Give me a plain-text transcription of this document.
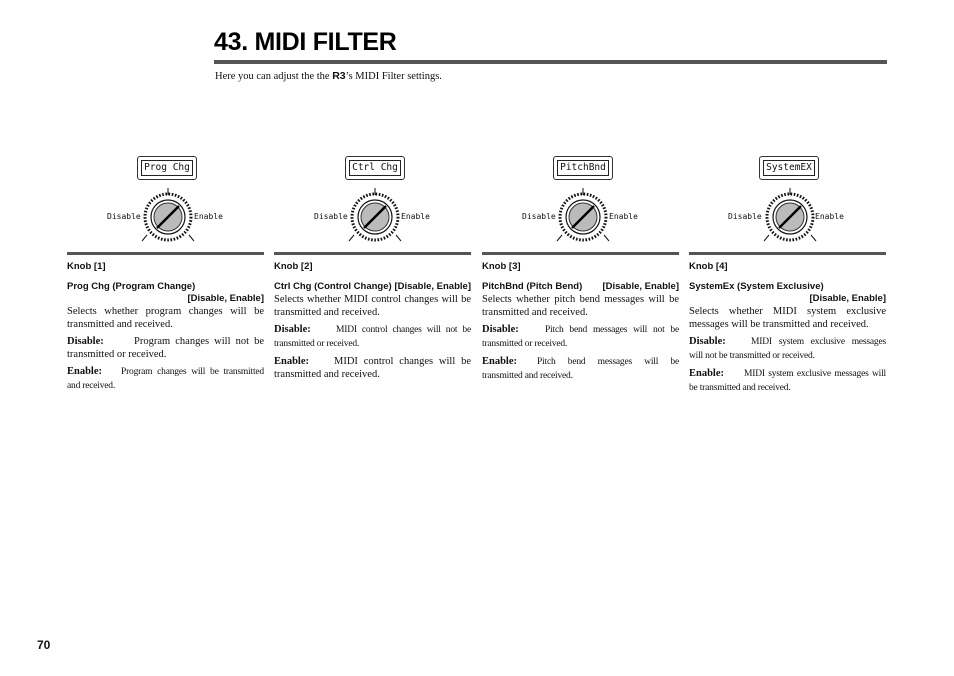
43. MIDI FILTER
Here you can adjust the the R3’s MIDI Filter settings.
Prog Chg
Disable	Enable
Ctrl Chg
Disable	Enable
PitchBnd
Disable	Enable
SystemEX
Disable	Enable
Knob [1]
Prog Chg (Program Change)
[Disable, Enable]

Selects whether program changes will be transmitted and received.

Disable:	Program changes will not be transmitted or received.
Enable: Program changes will be transmitted and received.
Knob [2]
Ctrl Chg (Control Change) [Disable, Enable]

Selects whether MIDI control changes will be transmitted and received.

Disable:	MIDI control changes will not be transmitted or received.
Enable: MIDI control changes will be transmitted and received.
Knob [3]
PitchBnd (Pitch Bend) [Disable, Enable]

Selects whether pitch bend messages will be transmitted and received.

Disable:	Pitch bend messages will not be transmitted or received.
Enable: Pitch bend messages will be transmitted and received.
Knob [4]
SystemEx (System Exclusive)
[Disable, Enable]

Selects whether MIDI system exclusive messages will be transmitted and received.

Disable:	MIDI system exclusive messages will not be transmitted or received.
Enable: MIDI system exclusive messages will be transmitted and received.
70
